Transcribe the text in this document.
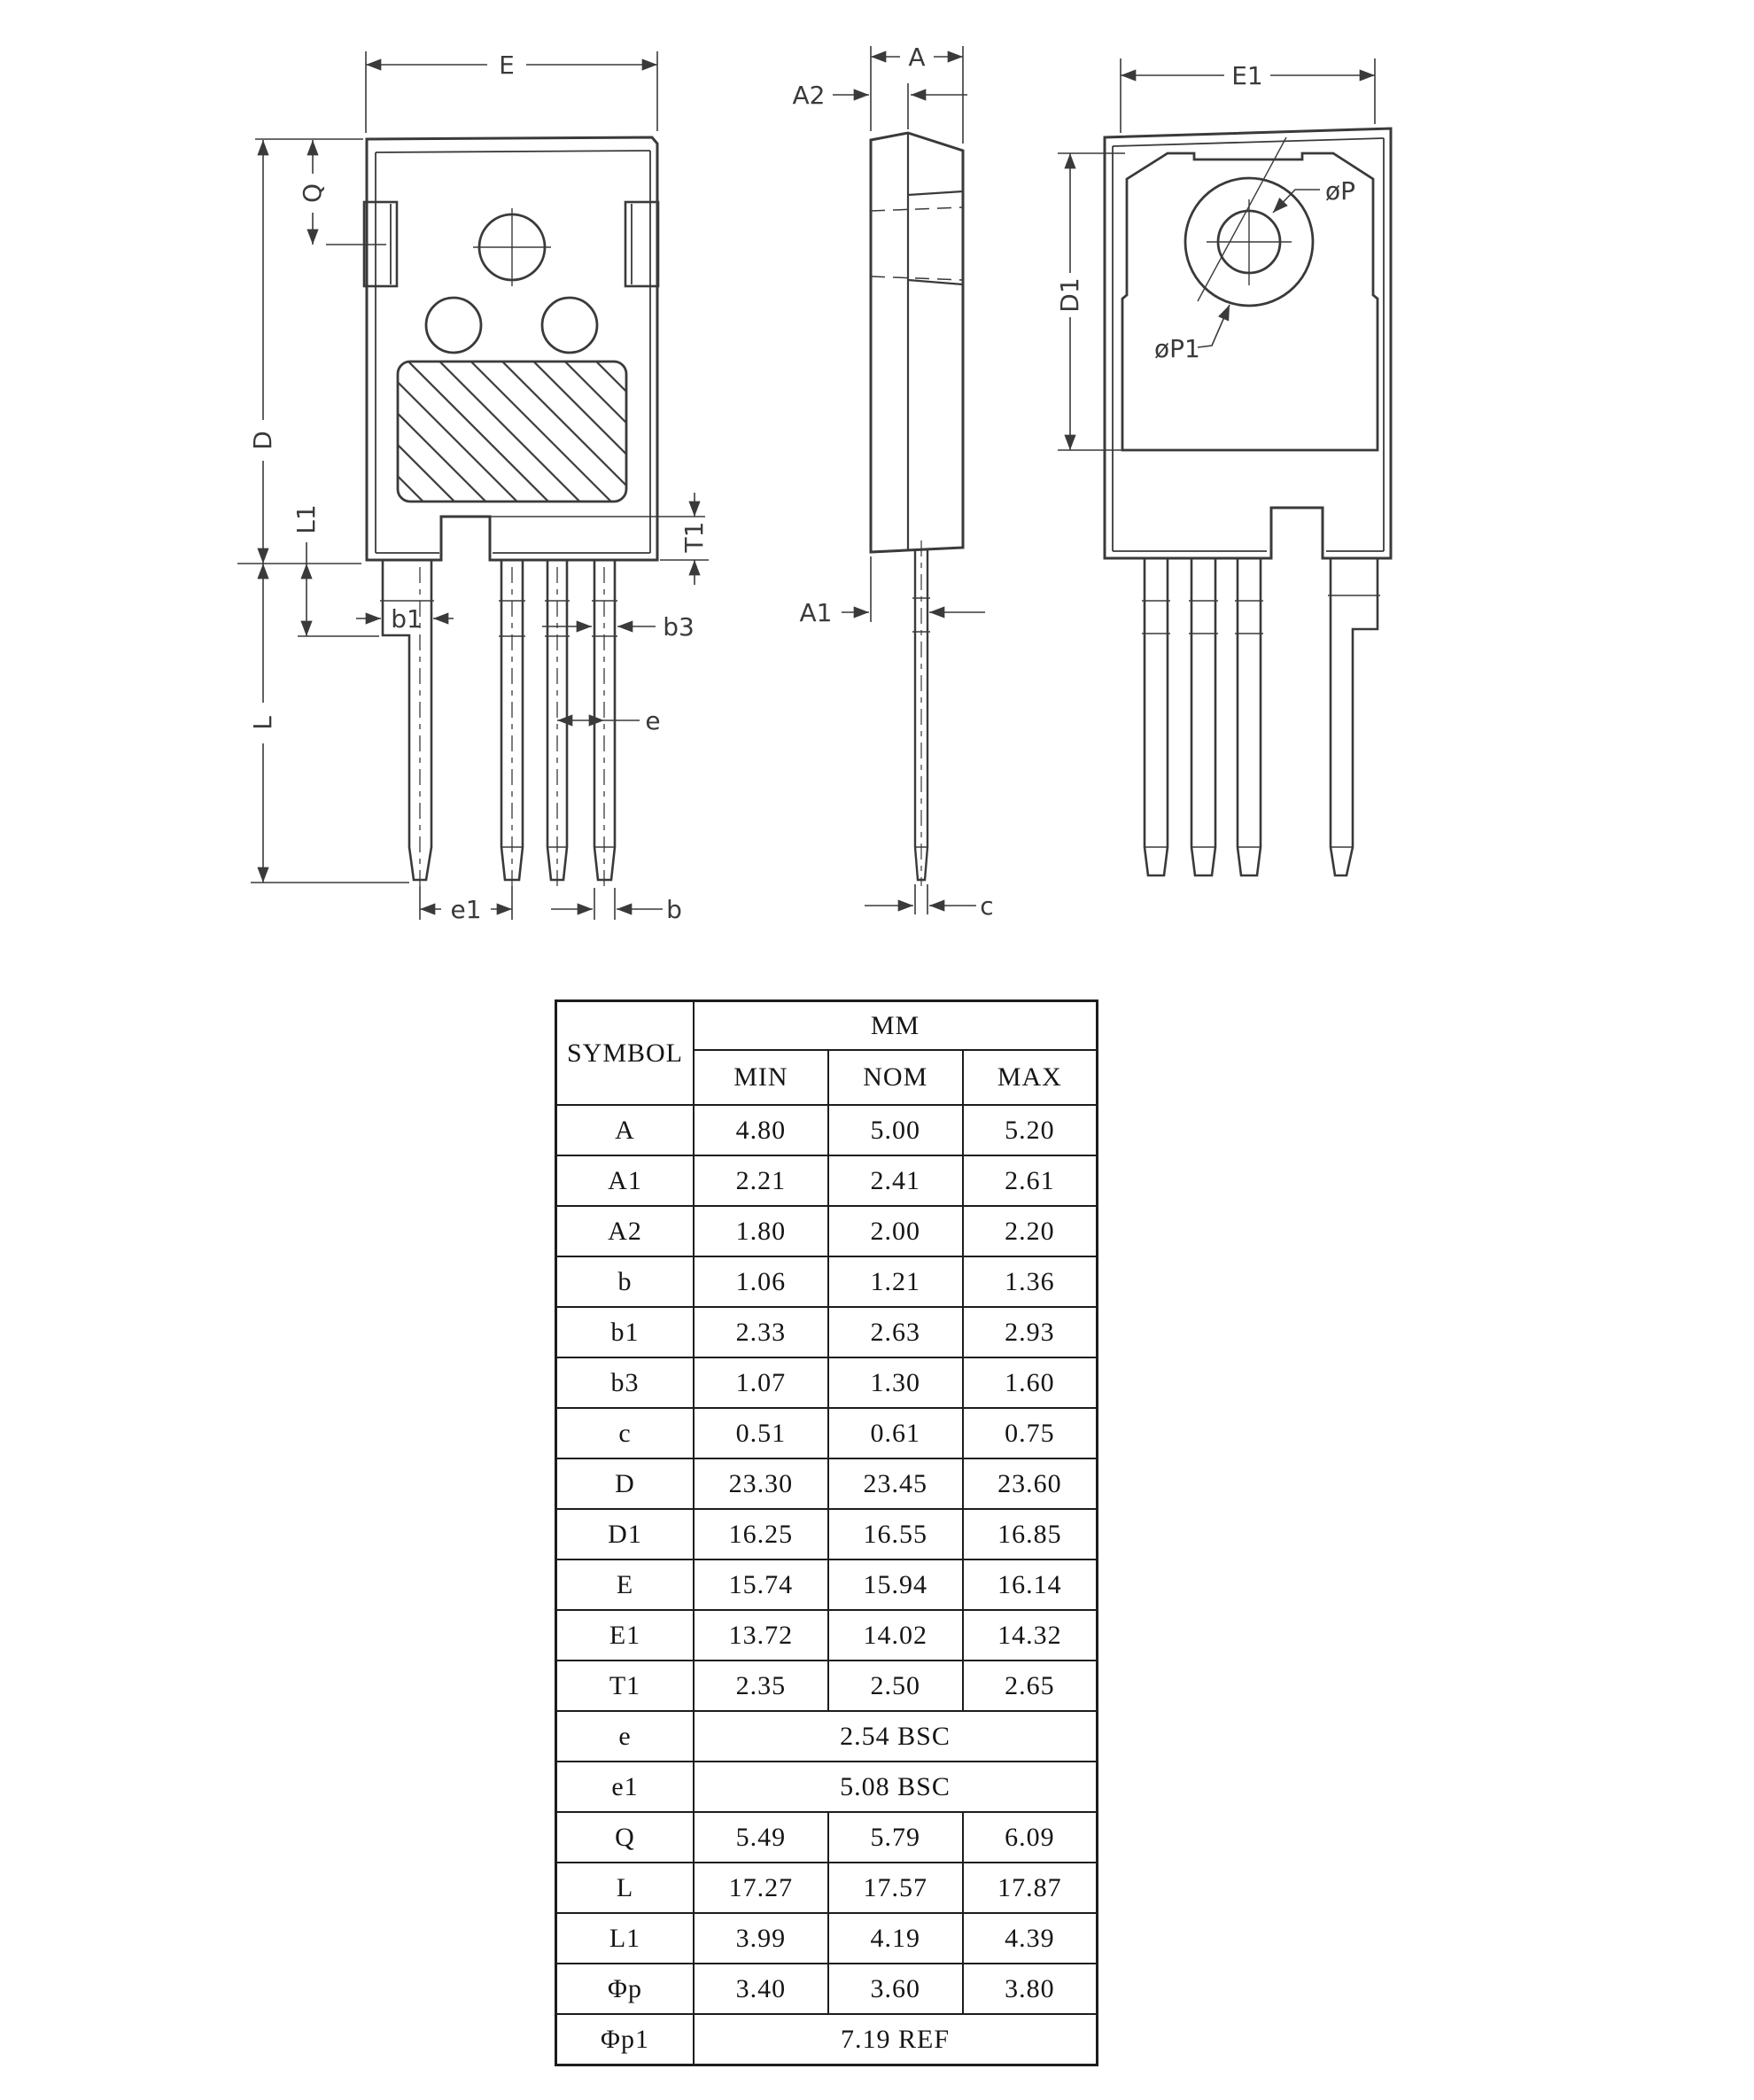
E
Q
D
L
L1
b1	b3
e
e1	b
T1
A
A2
A1
c
E1
D1
øP
øP1
SYMBOL	MM		
	MIN	NOM	MAX
A	4.80	5.00	5.20
A1	2.21	2.41	2.61
A2	1.80	2.00	2.20
b	1.06	1.21	1.36
b1	2.33	2.63	2.93
b3	1.07	1.30	1.60
c	0.51	0.61	0.75
D	23.30	23.45	23.60
D1	16.25	16.55	16.85
E	15.74	15.94	16.14
E1	13.72	14.02	14.32
T1	2.35	2.50	2.65
e	2.54 BSC		
e1	5.08 BSC		
Q	5.49	5.79	6.09
L	17.27	17.57	17.87
L1	3.99	4.19	4.39
Φp	3.40	3.60	3.80
Φp1	7.19 REF		
